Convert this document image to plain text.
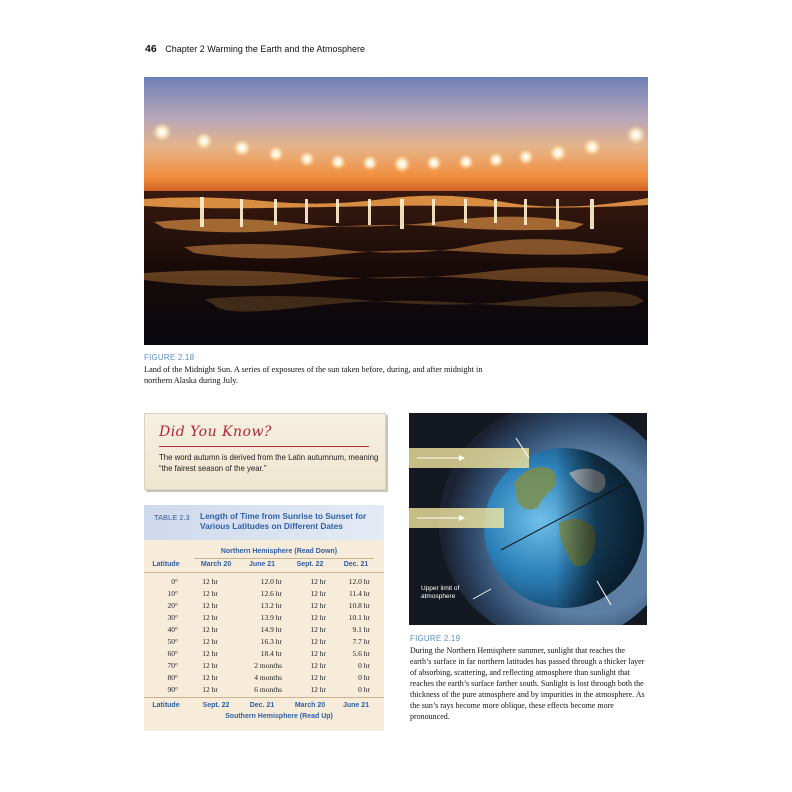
46 Chapter 2 Warming the Earth and the Atmosphere
FIGURE 2.18
Land of the Midnight Sun. A series of exposures of the sun taken before, during, and after midnight in northern Alaska during July.
Did You Know?
The word autumn is derived from the Latin autumnum, meaning “the fairest season of the year.”
TABLE 2.3 Length of Time from Sunrise to Sunset for Various Latitudes on Different Dates
Northern Hemisphere (Read Down)
Southern Hemisphere (Read Up)
Latitude	March 20	June 21	Sept. 22	Dec. 21
Latitude	Sept. 22	Dec. 21	March 20	June 21
0°	12 hr	12.0 hr	12 hr	12.0 hr
10°	12 hr	12.6 hr	12 hr	11.4 hr
20°	12 hr	13.2 hr	12 hr	10.8 hr
30°	12 hr	13.9 hr	12 hr	10.1 hr
40°	12 hr	14.9 hr	12 hr	9.1 hr
50°	12 hr	16.3 hr	12 hr	7.7 hr
60°	12 hr	18.4 hr	12 hr	5.6 hr
70°	12 hr	2 months	12 hr	0 hr
80°	12 hr	4 months	12 hr	0 hr
90°	12 hr	6 months	12 hr	0 hr
Upper limit of atmosphere
FIGURE 2.19
During the Northern Hemisphere summer, sunlight that reaches the earth’s surface in far northern latitudes has passed through a thicker layer of absorbing, scattering, and reflecting atmosphere than sunlight that reaches the earth’s surface farther south. Sunlight is lost through both the thickness of the pure atmosphere and by impurities in the atmosphere. As the sun’s rays become more oblique, these effects become more pronounced.
